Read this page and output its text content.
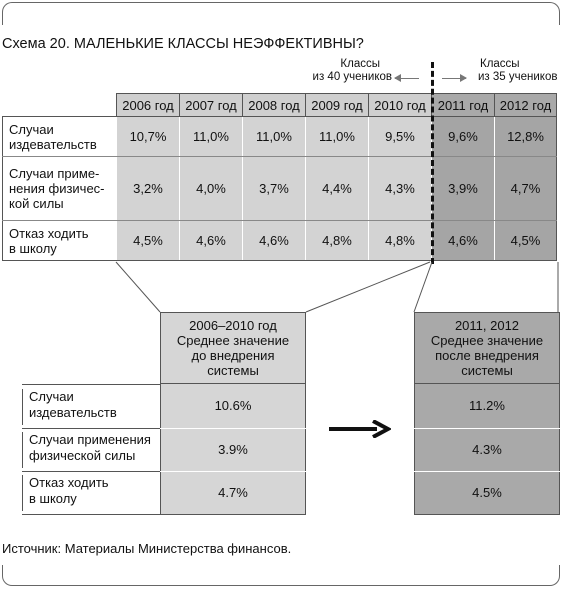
Схема 20. МАЛЕНЬКИЕ КЛАССЫ НЕЭФФЕКТИВНЫ?
Классы
из 40 учеников
Классы
из 35 учеников
	2006 год	2007 год	2008 год	2009 год	2010 год	2011 год	2012 год

Случаи
издевательств	10,7%	11,0%	11,0%	11,0%	9,5%	9,6%	12,8%

Случаи приме-
нения физичес-
кой силы	3,2%	4,0%	3,7%	4,4%	4,3%	3,9%	4,7%

Отказ ходить
в школу	4,5%	4,6%	4,6%	4,8%	4,8%	4,6%	4,5%
2006–2010 год
Среднее значение
до внедрения
системы
2011, 2012
Среднее значение
после внедрения
системы
Случаи
издевательств	10.6%	11.2%
Случаи применения
физической силы	3.9%	4.3%
Отказ ходить
в школу	4.7%	4.5%
Источник: Материалы Министерства финансов.
